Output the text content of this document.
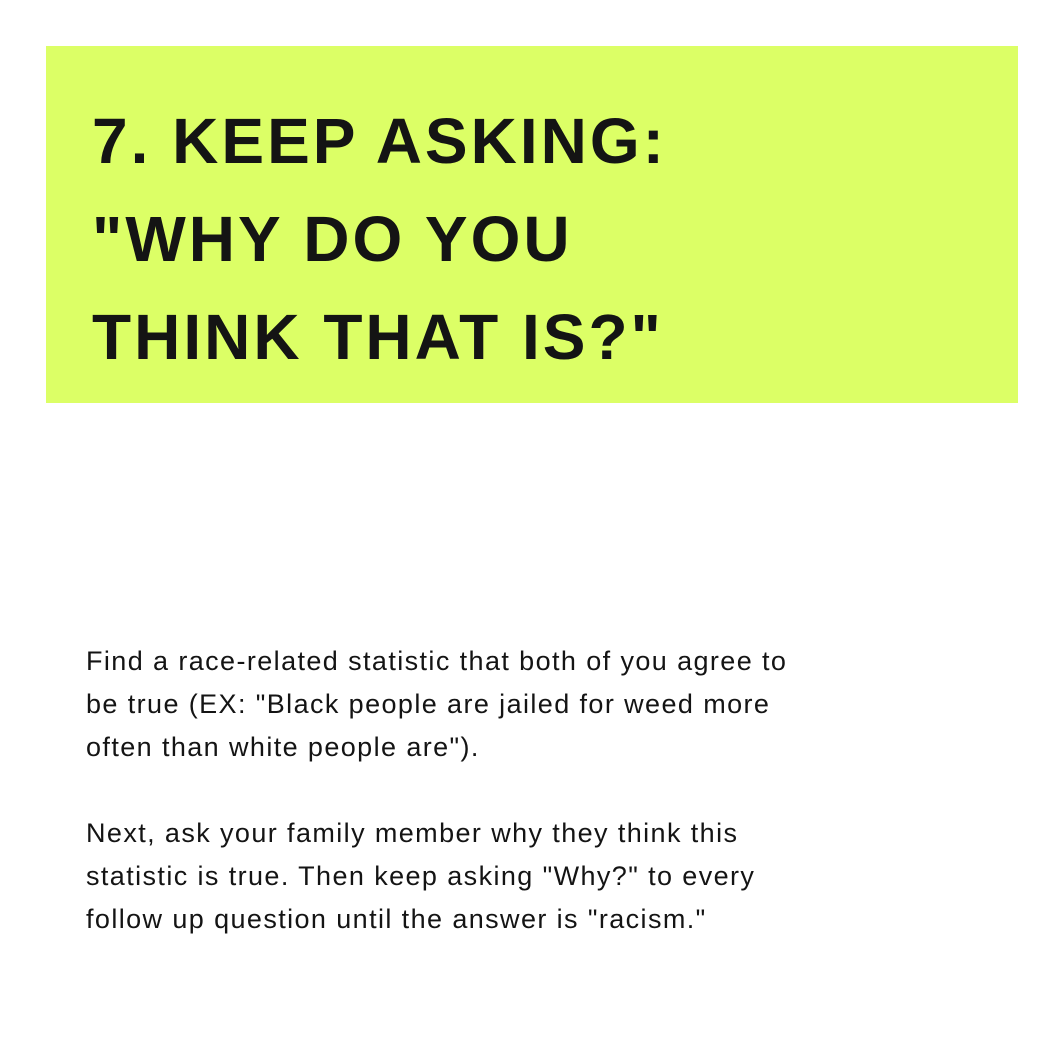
7. KEEP ASKING:
"WHY DO YOU
THINK THAT IS?"

Find a race-related statistic that both of you agree to
be true (EX: "Black people are jailed for weed more
often than white people are").

Next, ask your family member why they think this
statistic is true. Then keep asking "Why?" to every
follow up question until the answer is "racism."
